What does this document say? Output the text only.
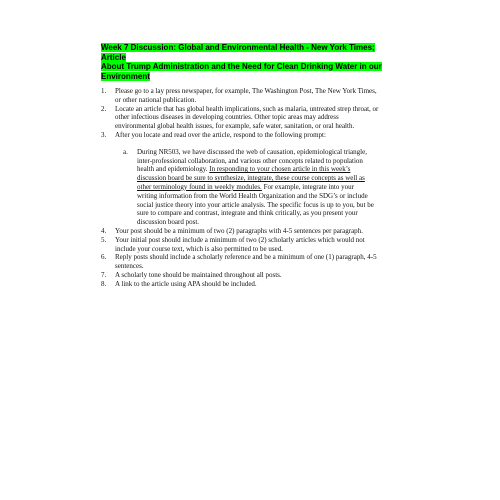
Week 7 Discussion: Global and Environmental Health - New York Times; Article
About Trump Administration and the Need for Clean Drinking Water in our
Environment
1. Please go to a lay press newspaper, for example, The Washington Post, The New York Times,
or other national publication.
2. Locate an article that has global health implications, such as malaria, untreated strep throat, or
other infectious diseases in developing countries. Other topic areas may address
environmental global health issues, for example, safe water, sanitation, or oral health.
3. After you locate and read over the article, respond to the following prompt:
a. During NR503, we have discussed the web of causation, epidemiological triangle,
inter-professional collaboration, and various other concepts related to population
health and epidemiology. In responding to your chosen article in this week’s
discussion board be sure to synthesize, integrate, these course concepts as well as
other terminology found in weekly modules. For example, integrate into your
writing information from the World Health Organization and the SDG’s or include
social justice theory into your article analysis. The specific focus is up to you, but be
sure to compare and contrast, integrate and think critically, as you present your
discussion board post.
4. Your post should be a minimum of two (2) paragraphs with 4-5 sentences per paragraph.
5. Your initial post should include a minimum of two (2) scholarly articles which would not
include your course text, which is also permitted to be used.
6. Reply posts should include a scholarly reference and be a minimum of one (1) paragraph, 4-5
sentences.
7. A scholarly tone should be maintained throughout all posts.
8. A link to the article using APA should be included.
